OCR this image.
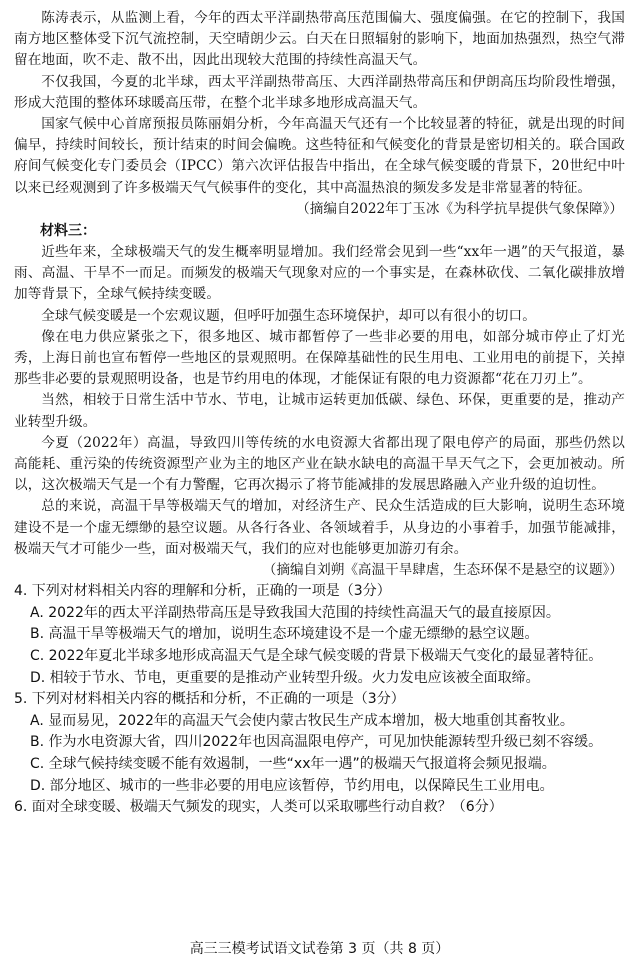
陈涛表示，从监测上看，今年的西太平洋副热带高压范围偏大、强度偏强。在它的控制下，我国南方地区整体受下沉气流控制，天空晴朗少云。白天在日照辐射的影响下，地面加热强烈，热空气滞留在地面，吹不走、散不出，因此出现较大范围的持续性高温天气。

不仅我国，今夏的北半球，西太平洋副热带高压、大西洋副热带高压和伊朗高压均阶段性增强，形成大范围的整体环球暖高压带，在整个北半球多地形成高温天气。

国家气候中心首席预报员陈丽娟分析，今年高温天气还有一个比较显著的特征，就是出现的时间偏早，持续时间较长，预计结束的时间会偏晚。这些特征和气候变化的背景是密切相关的。联合国政府间气候变化专门委员会（IPCC）第六次评估报告中指出，在全球气候变暖的背景下，20世纪中叶以来已经观测到了许多极端天气气候事件的变化，其中高温热浪的频发多发是非常显著的特征。

（摘编自2022年丁玉冰《为科学抗旱提供气象保障》）

材料三：

近些年来，全球极端天气的发生概率明显增加。我们经常会见到一些“xx年一遇”的天气报道，暴雨、高温、干旱不一而足。而频发的极端天气现象对应的一个事实是，在森林砍伐、二氧化碳排放增加等背景下，全球气候持续变暖。

全球气候变暖是一个宏观议题，但呼吁加强生态环境保护，却可以有很小的切口。

像在电力供应紧张之下，很多地区、城市都暂停了一些非必要的用电，如部分城市停止了灯光秀，上海日前也宣布暂停一些地区的景观照明。在保障基础性的民生用电、工业用电的前提下，关掉那些非必要的景观照明设备，也是节约用电的体现，才能保证有限的电力资源都“花在刀刃上”。

当然，相较于日常生活中节水、节电，让城市运转更加低碳、绿色、环保，更重要的是，推动产业转型升级。

今夏（2022年）高温，导致四川等传统的水电资源大省都出现了限电停产的局面，那些仍然以高能耗、重污染的传统资源型产业为主的地区产业在缺水缺电的高温干旱天气之下，会更加被动。所以，这次极端天气是一个有力警醒，它再次揭示了将节能减排的发展思路融入产业升级的迫切性。

总的来说，高温干旱等极端天气的增加，对经济生产、民众生活造成的巨大影响，说明生态环境建设不是一个虚无缥缈的悬空议题。从各行各业、各领域着手，从身边的小事着手，加强节能减排，极端天气才可能少一些，面对极端天气，我们的应对也能够更加游刃有余。

（摘编自刘朔《高温干旱肆虐，生态环保不是悬空的议题》）

4. 下列对材料相关内容的理解和分析，正确的一项是（3分）

A. 2022年的西太平洋副热带高压是导致我国大范围的持续性高温天气的最直接原因。

B. 高温干旱等极端天气的增加，说明生态环境建设不是一个虚无缥缈的悬空议题。

C. 2022年夏北半球多地形成高温天气是全球气候变暖的背景下极端天气变化的最显著特征。

D. 相较于节水、节电，更重要的是推动产业转型升级。火力发电应该被全面取缔。

5. 下列对材料相关内容的概括和分析，不正确的一项是（3分）

A. 显而易见，2022年的高温天气会使内蒙古牧民生产成本增加，极大地重创其畜牧业。

B. 作为水电资源大省，四川2022年也因高温限电停产，可见加快能源转型升级已刻不容缓。

C. 全球气候持续变暖不能有效遏制，一些“xx年一遇”的极端天气报道将会频见报端。

D. 部分地区、城市的一些非必要的用电应该暂停，节约用电，以保障民生工业用电。

6. 面对全球变暖、极端天气频发的现实，人类可以采取哪些行动自救？（6分）

高三三模考试语文试卷第 3 页（共 8 页）
